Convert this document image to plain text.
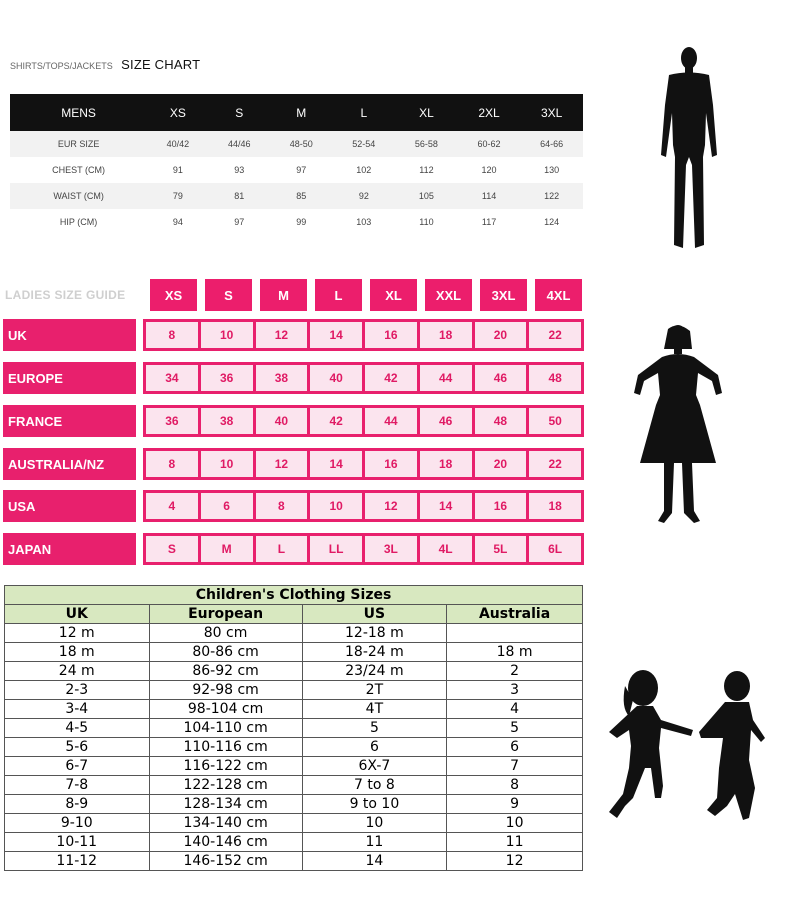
SHIRTS/TOPS/JACKETS SIZE CHART
MENS	XS	S	M	L	XL	2XL	3XL
EUR SIZE	40/42	44/46	48-50	52-54	56-58	60-62	64-66
CHEST (CM)	91	93	97	102	112	120	130
WAIST (CM)	79	81	85	92	105	114	122
HIP (CM)	94	97	99	103	110	117	124
LADIES SIZE GUIDE	XS	S	M	L	XL	XXL	3XL	4XL
UK	8	10	12	14	16	18	20	22
EUROPE	34	36	38	40	42	44	46	48
FRANCE	36	38	40	42	44	46	48	50
AUSTRALIA/NZ	8	10	12	14	16	18	20	22
USA	4	6	8	10	12	14	16	18
JAPAN	S	M	L	LL	3L	4L	5L	6L
Children's Clothing Sizes			
UK	European	US	Australia
12 m	80 cm	12-18 m	
18 m	80-86 cm	18-24 m	18 m
24 m	86-92 cm	23/24 m	2
2-3	92-98 cm	2T	3
3-4	98-104 cm	4T	4
4-5	104-110 cm	5	5
5-6	110-116 cm	6	6
6-7	116-122 cm	6X-7	7
7-8	122-128 cm	7 to 8	8
8-9	128-134 cm	9 to 10	9
9-10	134-140 cm	10	10
10-11	140-146 cm	11	11
11-12	146-152 cm	14	12
